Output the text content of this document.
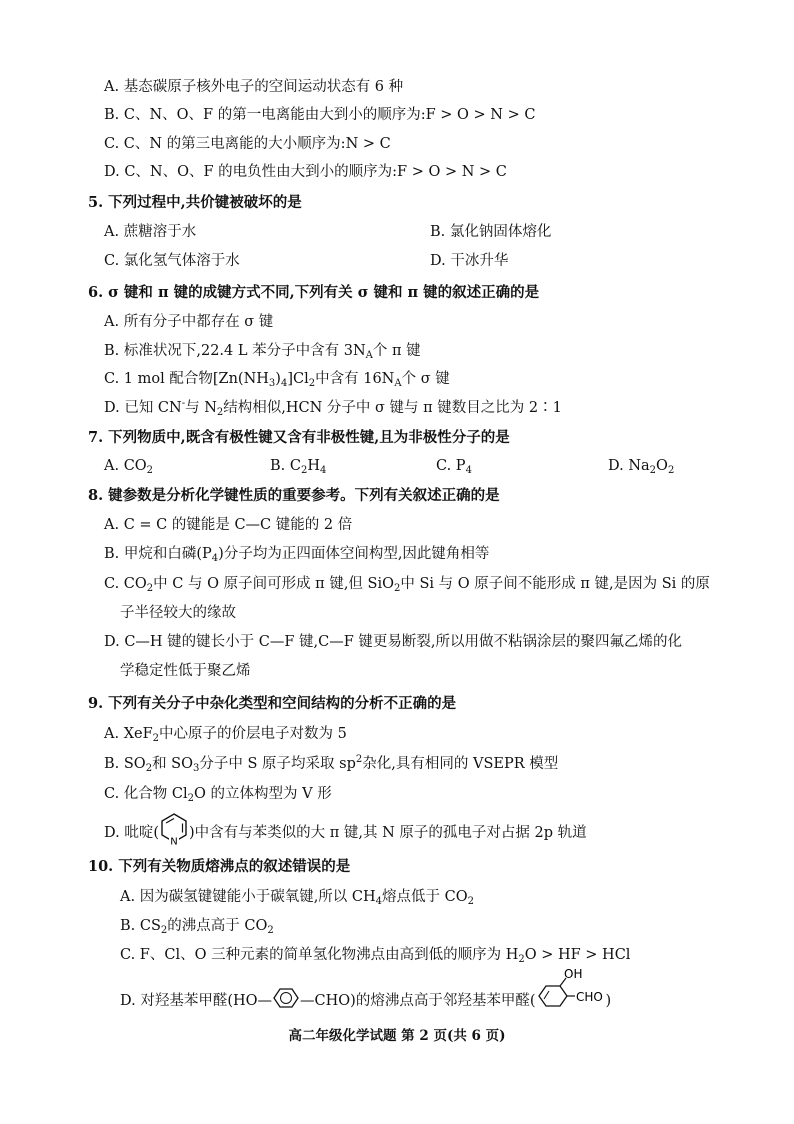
A. 基态碳原子核外电子的空间运动状态有 6 种
B. C、N、O、F 的第一电离能由大到小的顺序为:F > O > N > C
C. C、N 的第三电离能的大小顺序为:N > C
D. C、N、O、F 的电负性由大到小的顺序为:F > O > N > C
5. 下列过程中,共价键被破坏的是
A. 蔗糖溶于水	B. 氯化钠固体熔化
C. 氯化氢气体溶于水	D. 干冰升华
6. σ 键和 π 键的成键方式不同,下列有关 σ 键和 π 键的叙述正确的是
A. 所有分子中都存在 σ 键
B. 标准状况下,22.4 L 苯分子中含有 $3N_A$个 π 键
C. 1 mol 配合物$[Zn(NH_3)_4]Cl_2$中含有 $16N_A$个 σ 键
D. 已知 CN-与 $N_2$结构相似,HCN 分子中 σ 键与 π 键数目之比为 2∶1
7. 下列物质中,既含有极性键又含有非极性键,且为非极性分子的是
A. $CO_2$	B. $C_2H_4$	C. $P_4$	D. $Na_2O_2$
8. 键参数是分析化学键性质的重要参考。下列有关叙述正确的是
A. C = C 的键能是 C—C 键能的 2 倍
B. 甲烷和白磷$(P_4)$分子均为正四面体空间构型,因此键角相等
C. $CO_2$中 C 与 O 原子间可形成 π 键,但 SiO$_2$中 Si 与 O 原子间不能形成 π 键,是因为 Si 的原
子半径较大的缘故
D. C—H 键的键长小于 C—F 键,C—F 键更易断裂,所以用做不粘锅涂层的聚四氟乙烯的化
学稳定性低于聚乙烯
9. 下列有关分子中杂化类型和空间结构的分析不正确的是
A. XeF$_2$中心原子的价层电子对数为 5
B. $SO_2$和 $SO_3$分子中 S 原子均采取 $sp^2$杂化,具有相同的 VSEPR 模型
C. 化合物 $Cl_2O$ 的立体构型为 V 形
D. 吡啶(
N
)中含有与苯类似的大 π 键,其 N 原子的孤电子对占据 2p 轨道
10. 下列有关物质熔沸点的叙述错误的是
A. 因为碳氢键键能小于碳氧键,所以 $CH_4$熔点低于 $CO_2$
B. $CS_2$的沸点高于 $CO_2$
C. F、Cl、O 三种元素的简单氢化物沸点由高到低的顺序为 $H_2O$ > HF > HCl
D. 对羟基苯甲醛(HO— —CHO)的熔沸点高于邻羟基苯甲醛(
OH
CHO )
高二年级化学试题 第 2 页(共 6 页)
